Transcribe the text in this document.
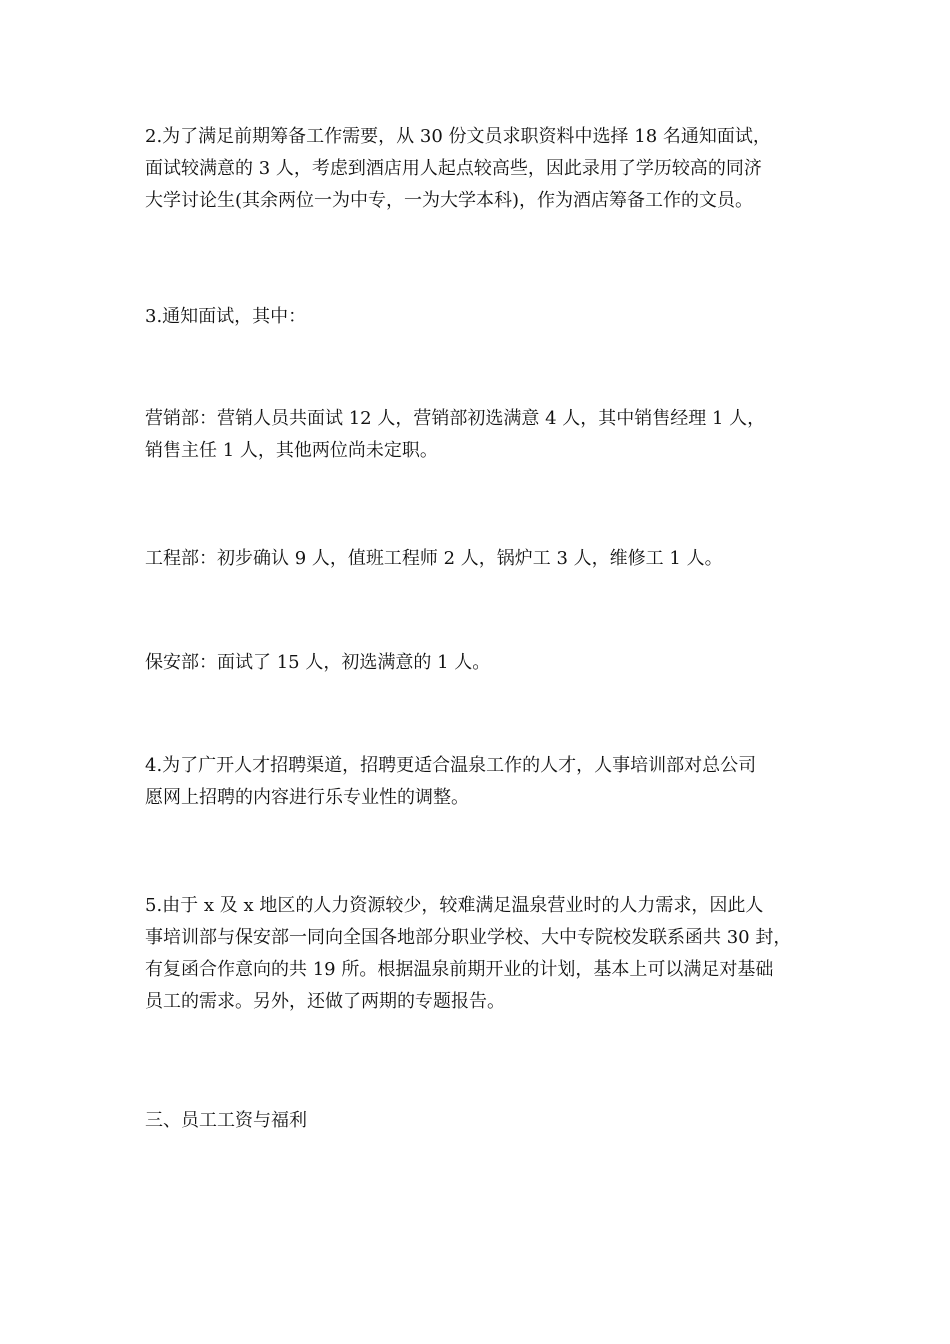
2.为了满足前期筹备工作需要，从 30 份文员求职资料中选择 18 名通知面试，
面试较满意的 3 人，考虑到酒店用人起点较高些，因此录用了学历较高的同济
大学讨论生(其余两位一为中专，一为大学本科)，作为酒店筹备工作的文员。

3.通知面试，其中：

营销部：营销人员共面试 12 人，营销部初选满意 4 人，其中销售经理 1 人，
销售主任 1 人，其他两位尚未定职。

工程部：初步确认 9 人，值班工程师 2 人，锅炉工 3 人，维修工 1 人。

保安部：面试了 15 人，初选满意的 1 人。

4.为了广开人才招聘渠道，招聘更适合温泉工作的人才，人事培训部对总公司
愿网上招聘的内容进行乐专业性的调整。

5.由于 x 及 x 地区的人力资源较少，较难满足温泉营业时的人力需求，因此人
事培训部与保安部一同向全国各地部分职业学校、大中专院校发联系函共 30 封，
有复函合作意向的共 19 所。根据温泉前期开业的计划，基本上可以满足对基础
员工的需求。另外，还做了两期的专题报告。

三、员工工资与福利
